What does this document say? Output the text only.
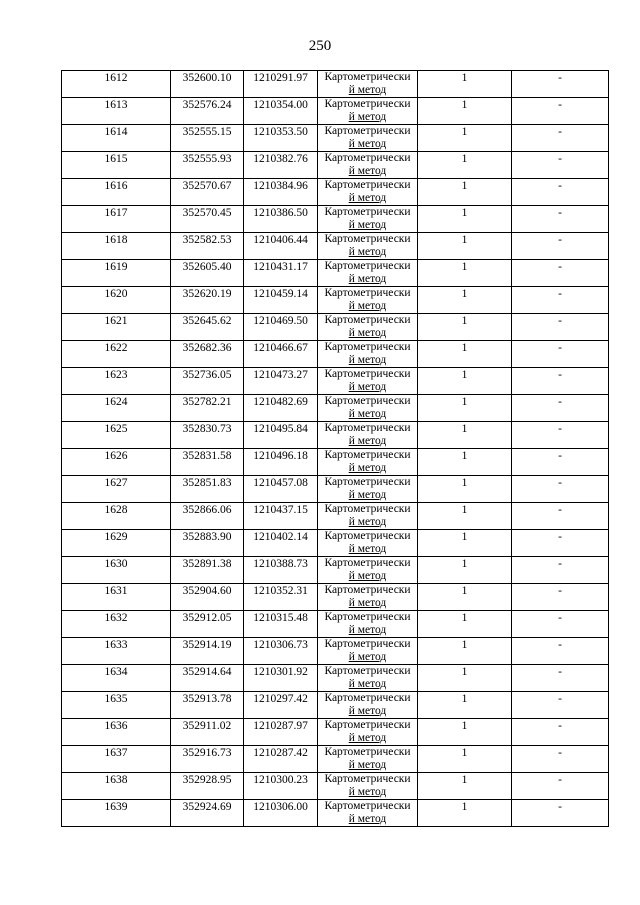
250
1612	352600.10	1210291.97	Картометрически
й метод	1	-

1613	352576.24	1210354.00	Картометрически
й метод	1	-

1614	352555.15	1210353.50	Картометрически
й метод	1	-

1615	352555.93	1210382.76	Картометрически
й метод	1	-

1616	352570.67	1210384.96	Картометрически
й метод	1	-

1617	352570.45	1210386.50	Картометрически
й метод	1	-

1618	352582.53	1210406.44	Картометрически
й метод	1	-

1619	352605.40	1210431.17	Картометрически
й метод	1	-

1620	352620.19	1210459.14	Картометрически
й метод	1	-

1621	352645.62	1210469.50	Картометрически
й метод	1	-

1622	352682.36	1210466.67	Картометрически
й метод	1	-

1623	352736.05	1210473.27	Картометрически
й метод	1	-

1624	352782.21	1210482.69	Картометрически
й метод	1	-

1625	352830.73	1210495.84	Картометрически
й метод	1	-

1626	352831.58	1210496.18	Картометрически
й метод	1	-

1627	352851.83	1210457.08	Картометрически
й метод	1	-

1628	352866.06	1210437.15	Картометрически
й метод	1	-

1629	352883.90	1210402.14	Картометрически
й метод	1	-

1630	352891.38	1210388.73	Картометрически
й метод	1	-

1631	352904.60	1210352.31	Картометрически
й метод	1	-

1632	352912.05	1210315.48	Картометрически
й метод	1	-

1633	352914.19	1210306.73	Картометрически
й метод	1	-

1634	352914.64	1210301.92	Картометрически
й метод	1	-

1635	352913.78	1210297.42	Картометрически
й метод	1	-

1636	352911.02	1210287.97	Картометрически
й метод	1	-

1637	352916.73	1210287.42	Картометрически
й метод	1	-

1638	352928.95	1210300.23	Картометрически
й метод	1	-

1639	352924.69	1210306.00	Картометрически
й метод	1	-
